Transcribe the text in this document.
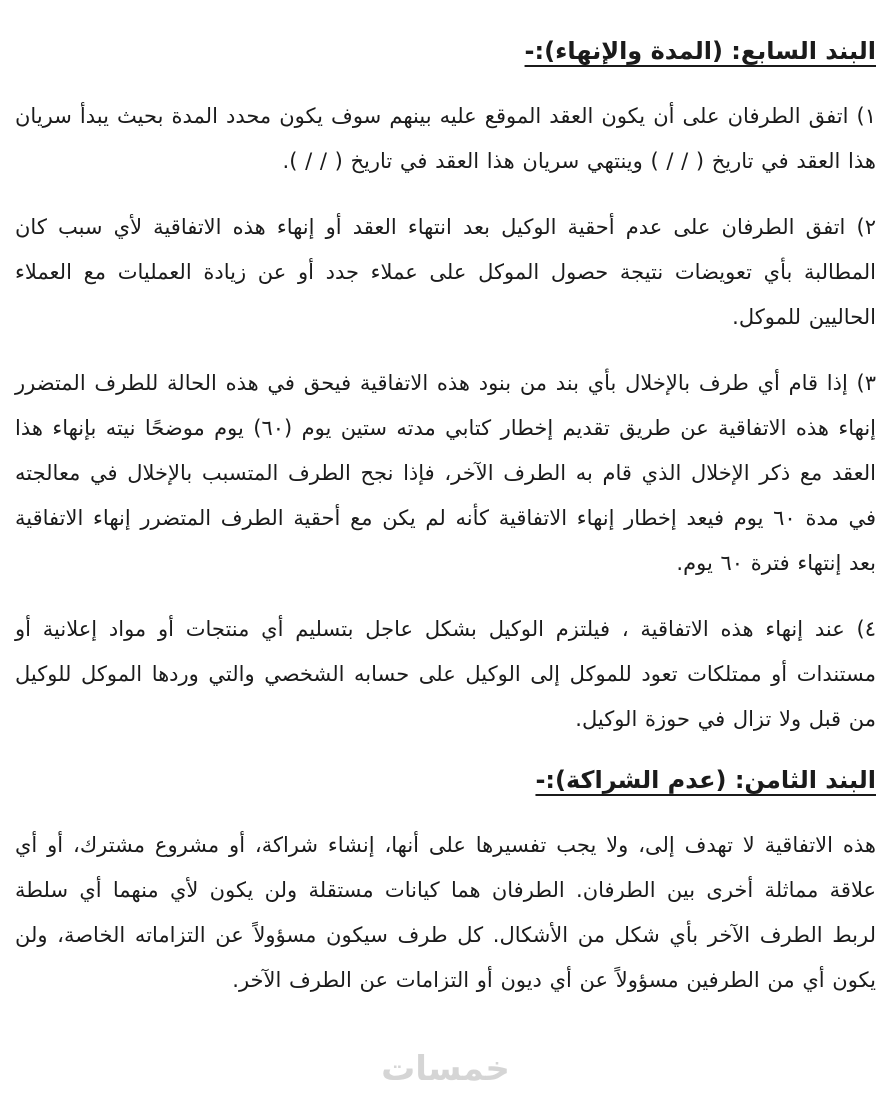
البند السابع: (المدة والإنهاء):-

١) اتفق الطرفان على أن يكون العقد الموقع عليه بينهم سوف يكون محدد المدة بحيث يبدأ سريان هذا العقد في تاريخ ( / / ) وينتهي سريان هذا العقد في تاريخ ( / / ).

٢) اتفق الطرفان على عدم أحقية الوكيل بعد انتهاء العقد أو إنهاء هذه الاتفاقية لأي سبب كان المطالبة بأي تعويضات نتيجة حصول الموكل على عملاء جدد أو عن زيادة العمليات مع العملاء الحاليين للموكل.

٣) إذا قام أي طرف بالإخلال بأي بند من بنود هذه الاتفاقية فيحق في هذه الحالة للطرف المتضرر إنهاء هذه الاتفاقية عن طريق تقديم إخطار كتابي مدته ستين يوم (٦٠) يوم موضحًا نيته بإنهاء هذا العقد مع ذكر الإخلال الذي قام به الطرف الآخر، فإذا نجح الطرف المتسبب بالإخلال في معالجته في مدة ٦٠ يوم فيعد إخطار إنهاء الاتفاقية كأنه لم يكن مع أحقية الطرف المتضرر إنهاء الاتفاقية بعد إنتهاء فترة ٦٠ يوم.

٤) عند إنهاء هذه الاتفاقية ، فيلتزم الوكيل بشكل عاجل بتسليم أي منتجات أو مواد إعلانية أو مستندات أو ممتلكات تعود للموكل إلى الوكيل على حسابه الشخصي والتي وردها الموكل للوكيل من قبل ولا تزال في حوزة الوكيل.

البند الثامن: (عدم الشراكة):-

هذه الاتفاقية لا تهدف إلى، ولا يجب تفسيرها على أنها، إنشاء شراكة، أو مشروع مشترك، أو أي علاقة مماثلة أخرى بين الطرفان. الطرفان هما كيانات مستقلة ولن يكون لأي منهما أي سلطة لربط الطرف الآخر بأي شكل من الأشكال. كل طرف سيكون مسؤولاً عن التزاماته الخاصة، ولن يكون أي من الطرفين مسؤولاً عن أي ديون أو التزامات عن الطرف الآخر.

خمسات
